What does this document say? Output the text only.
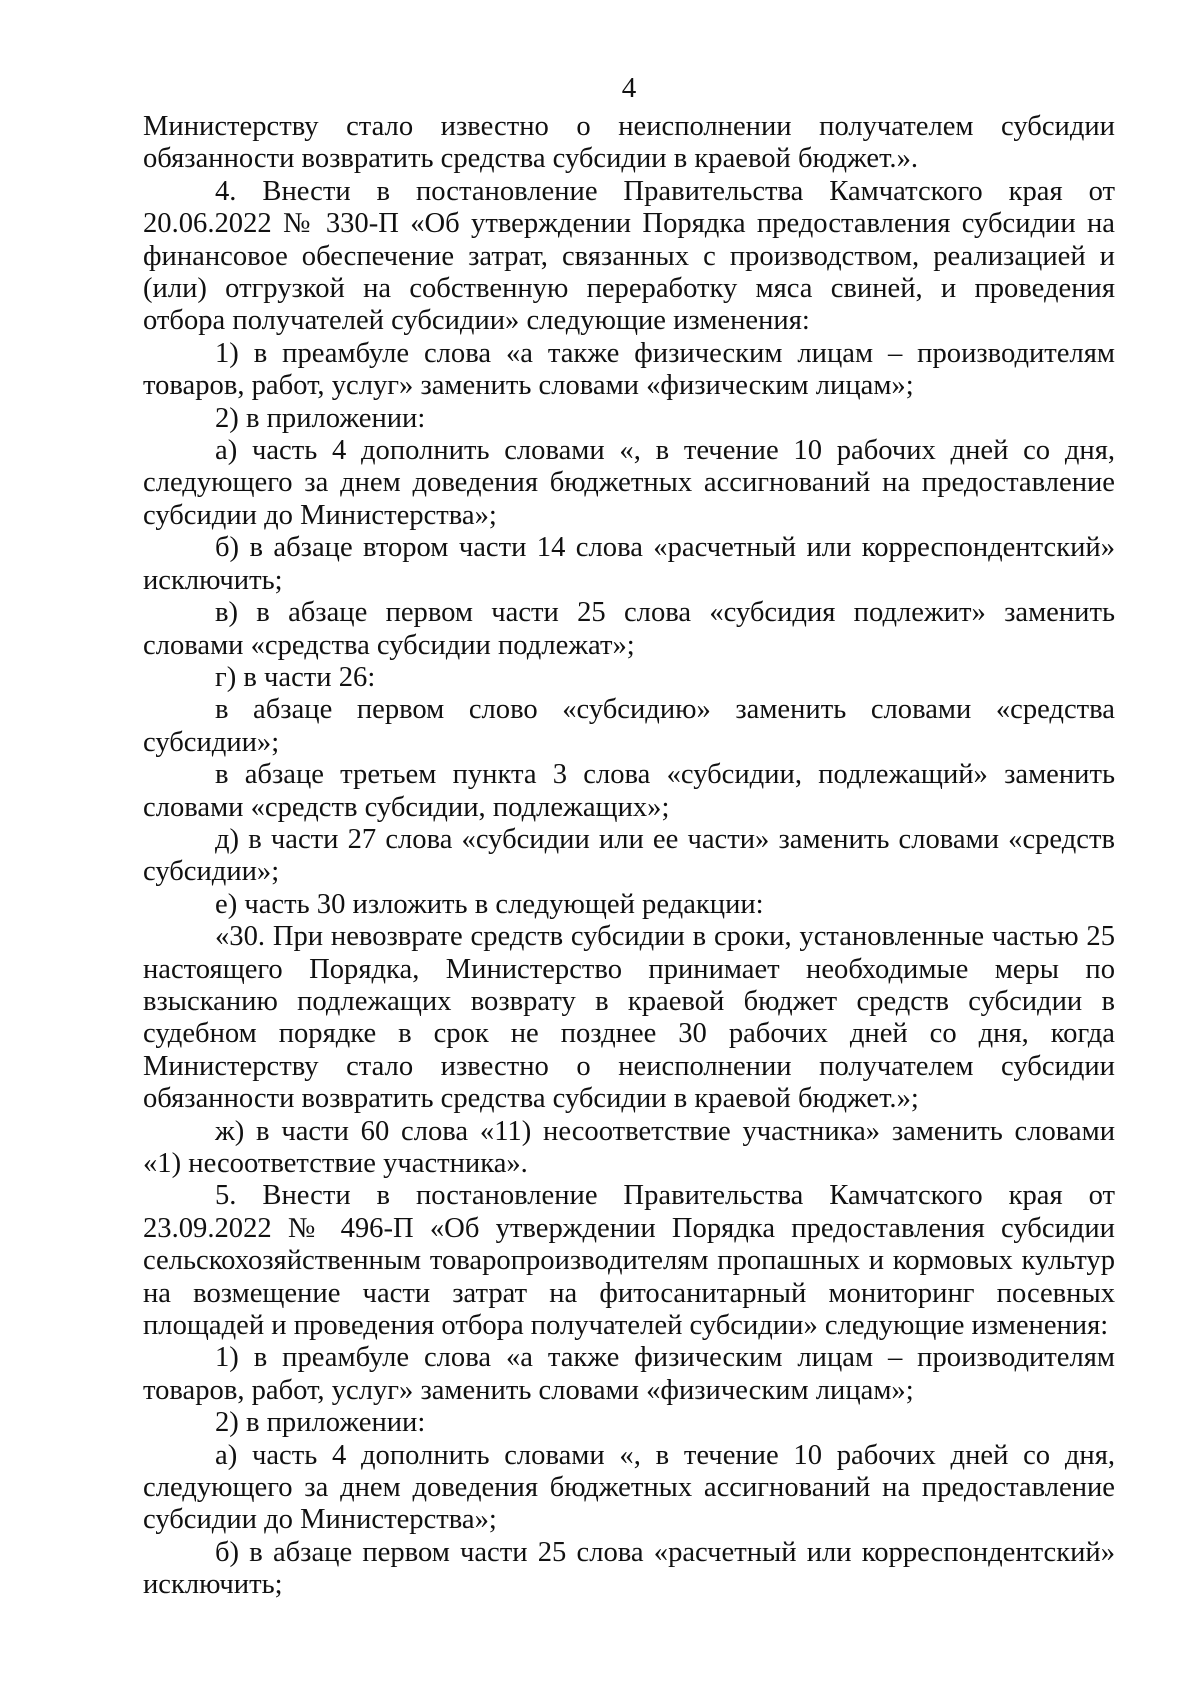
4

Министерству стало известно о неисполнении получателем субсидии обязанности возвратить средства субсидии в краевой бюджет.».

4. Внести в постановление Правительства Камчатского края от 20.06.2022 № 330-П «Об утверждении Порядка предоставления субсидии на финансовое обеспечение затрат, связанных с производством, реализацией и (или) отгрузкой на собственную переработку мяса свиней, и проведения отбора получателей субсидии» следующие изменения:

1) в преамбуле слова «а также физическим лицам – производителям товаров, работ, услуг» заменить словами «физическим лицам»;

2) в приложении:

а) часть 4 дополнить словами «, в течение 10 рабочих дней со дня, следующего за днем доведения бюджетных ассигнований на предоставление субсидии до Министерства»;

б) в абзаце втором части 14 слова «расчетный или корреспондентский» исключить;

в) в абзаце первом части 25 слова «субсидия подлежит» заменить словами «средства субсидии подлежат»;

г) в части 26:

в абзаце первом слово «субсидию» заменить словами «средства субсидии»;

в абзаце третьем пункта 3 слова «субсидии, подлежащий» заменить словами «средств субсидии, подлежащих»;

д) в части 27 слова «субсидии или ее части» заменить словами «средств субсидии»;

е) часть 30 изложить в следующей редакции:

«30. При невозврате средств субсидии в сроки, установленные частью 25 настоящего Порядка, Министерство принимает необходимые меры по взысканию подлежащих возврату в краевой бюджет средств субсидии в судебном порядке в срок не позднее 30 рабочих дней со дня, когда Министерству стало известно о неисполнении получателем субсидии обязанности возвратить средства субсидии в краевой бюджет.»;

ж) в части 60 слова «11) несоответствие участника» заменить словами «1) несоответствие участника».

5. Внести в постановление Правительства Камчатского края от 23.09.2022 № 496-П «Об утверждении Порядка предоставления субсидии сельскохозяйственным товаропроизводителям пропашных и кормовых культур на возмещение части затрат на фитосанитарный мониторинг посевных площадей и проведения отбора получателей субсидии» следующие изменения:

1) в преамбуле слова «а также физическим лицам – производителям товаров, работ, услуг» заменить словами «физическим лицам»;

2) в приложении:

а) часть 4 дополнить словами «, в течение 10 рабочих дней со дня, следующего за днем доведения бюджетных ассигнований на предоставление субсидии до Министерства»;

б) в абзаце первом части 25 слова «расчетный или корреспондентский» исключить;
